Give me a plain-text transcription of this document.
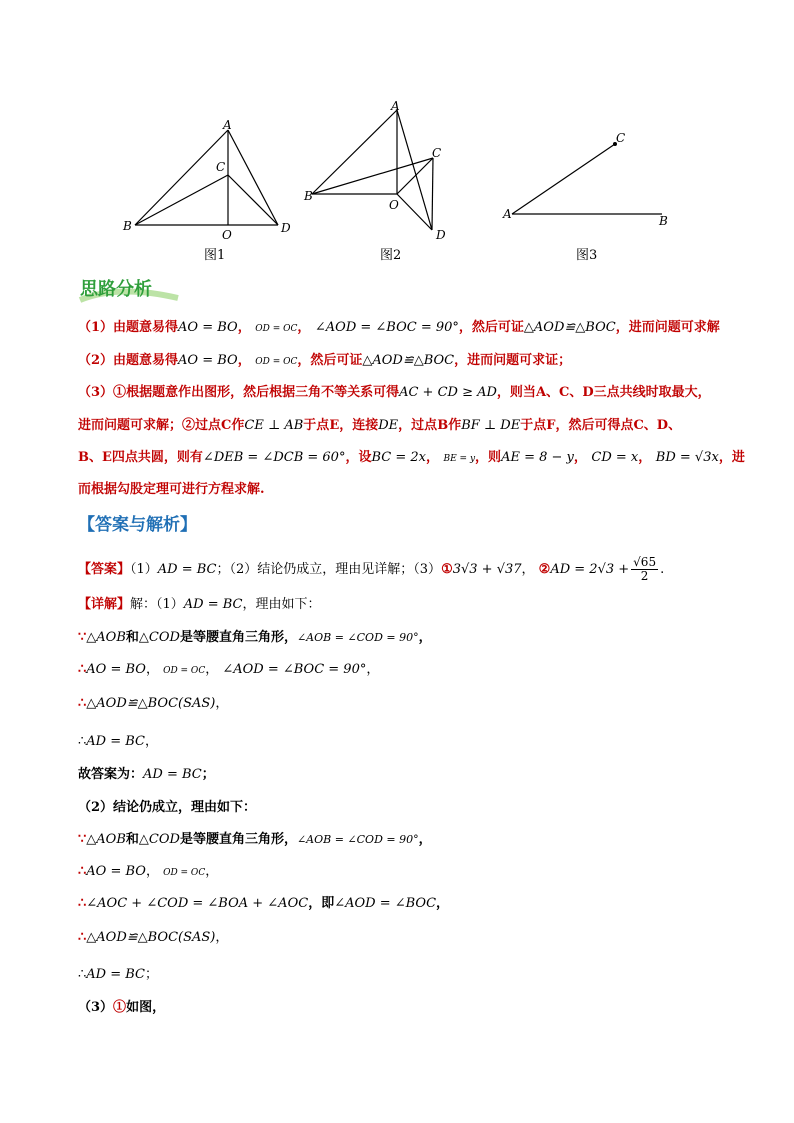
A
C
B
O	D
图1
A
C
B
O
D
图2
A	B
C
图3
思路分析
（1）由题意易得AO = BO， OD = OC， ∠AOD = ∠BOC = 90°，然后可证△AOD≌△BOC，进而问题可求解
（2）由题意易得AO = BO， OD = OC，然后可证△AOD≌△BOC，进而问题可求证；
（3）①根据题意作出图形，然后根据三角不等关系可得AC + CD ≥ AD，则当A、C、D三点共线时取最大，
进而问题可求解；②过点C作CE ⊥ AB于点E，连接DE，过点B作BF ⊥ DE于点F，然后可得点C、D、
B、E四点共圆，则有∠DEB = ∠DCB = 60°，设BC = 2x， BE = y，则AE = 8 − y， CD = x， BD = √3x，进
而根据勾股定理可进行方程求解.
【答案与解析】
【答案】（1）AD = BC；（2）结论仍成立，理由见详解；（3）①3√3 + √37， ②AD = $2√3 + \frac{√65}{2}$ .
【详解】解：（1）AD = BC，理由如下：
∵△AOB和△COD是等腰直角三角形，∠AOB = ∠COD = 90°，
∴AO = BO， OD = OC， ∠AOD = ∠BOC = 90°，
∴△AOD≌△BOC(SAS)，
∴AD = BC，
故答案为：AD = BC；
（2）结论仍成立，理由如下：
∵△AOB和△COD是等腰直角三角形，∠AOB = ∠COD = 90°，
∴AO = BO， OD = OC，
∴∠AOC + ∠COD = ∠BOA + ∠AOC，即∠AOD = ∠BOC，
∴△AOD≌△BOC(SAS)，
∴AD = BC；
（3）①如图，
